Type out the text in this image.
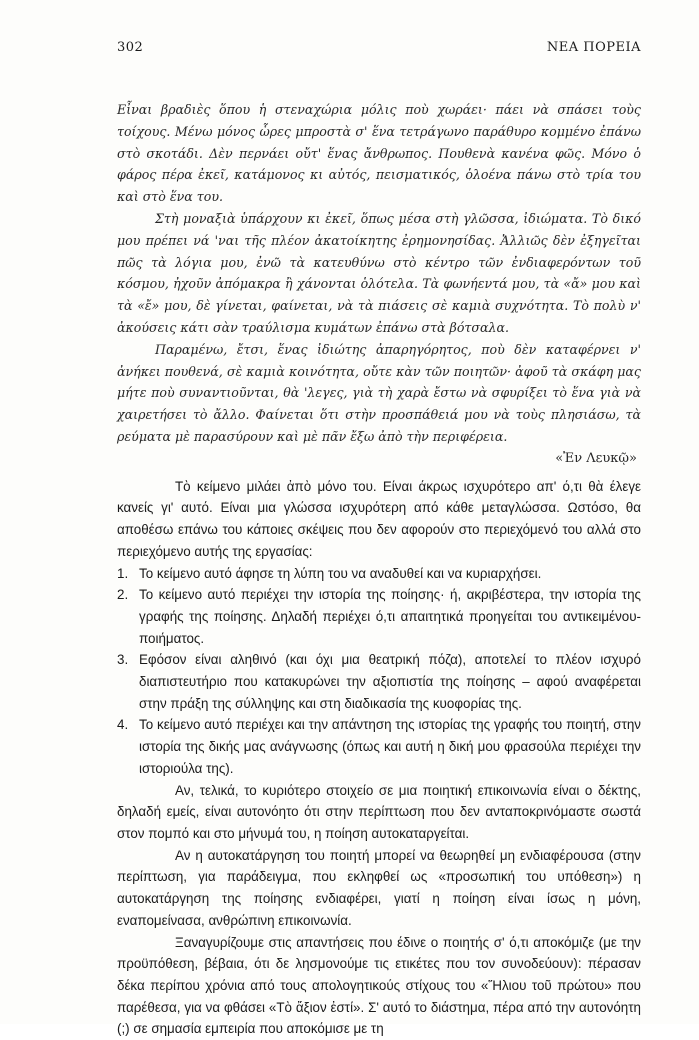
302	ΝΕΑ ΠΟΡΕΙΑ

Εἶναι βραδιὲς ὅπου ἡ στεναχώρια μόλις ποὺ χωράει· πάει νὰ σπάσει τοὺς τοίχους. Μένω μόνος ὧρες μπροστὰ σ' ἕνα τετράγωνο παράθυρο κομμένο ἐπάνω στὸ σκοτάδι. Δὲν περνάει οὔτ' ἕνας ἄνθρωπος. Πουθενὰ κανένα φῶς. Μόνο ὁ φάρος πέρα ἐκεῖ, κατάμονος κι αὐτός, πεισματικός, ὁλοένα πάνω στὸ τρία του καὶ στὸ ἕνα του.

Στὴ μοναξιὰ ὑπάρχουν κι ἐκεῖ, ὅπως μέσα στὴ γλῶσσα, ἰδιώματα. Τὸ δικό μου πρέπει νά 'ναι τῆς πλέον ἀκατοίκητης ἐρημονησίδας. Ἀλλιῶς δὲν ἐξηγεῖται πῶς τὰ λόγια μου, ἐνῶ τὰ κατευθύνω στὸ κέντρο τῶν ἐνδιαφερόντων τοῦ κόσμου, ἠχοῦν ἀπόμακρα ἢ χάνονται ὁλότελα. Τὰ φωνήεντά μου, τὰ «ἄ» μου καὶ τὰ «ἔ» μου, δὲ γίνεται, φαίνεται, νὰ τὰ πιάσεις σὲ καμιὰ συχνότητα. Τὸ πολὺ ν' ἀκούσεις κάτι σὰν τραύλισμα κυμάτων ἐπάνω στὰ βότσαλα.

Παραμένω, ἔτσι, ἕνας ἰδιώτης ἀπαρηγόρητος, ποὺ δὲν καταφέρνει ν' ἀνήκει πουθενά, σὲ καμιὰ κοινότητα, οὔτε κὰν τῶν ποιητῶν· ἀφοῦ τὰ σκάφη μας μήτε ποὺ συναντιοῦνται, θὰ 'λεγες, γιὰ τὴ χαρὰ ἔστω νὰ σφυρίξει τὸ ἕνα γιὰ νὰ χαιρετήσει τὸ ἄλλο. Φαίνεται ὅτι στὴν προσπάθειά μου νὰ τοὺς πλησιάσω, τὰ ρεύματα μὲ παρασύρουν καὶ μὲ πᾶν ἔξω ἀπὸ τὴν περιφέρεια.

«Ἐν Λευκῷ»

Τὸ κείμενο μιλάει ἀπὸ μόνο του. Είναι άκρως ισχυρότερο απ' ό,τι θὰ έλεγε κανείς γι' αυτό. Είναι μια γλώσσα ισχυρότερη από κάθε μεταγλώσσα. Ωστόσο, θα αποθέσω επάνω του κάποιες σκέψεις που δεν αφορούν στο περιεχόμενό του αλλά στο περιεχόμενο αυτής της εργασίας:

1. Το κείμενο αυτό άφησε τη λύπη του να αναδυθεί και να κυριαρχήσει.
2. Το κείμενο αυτό περιέχει την ιστορία της ποίησης· ή, ακριβέστερα, την ιστορία της γραφής της ποίησης. Δηλαδή περιέχει ό,τι απαιτητικά προηγείται του αντικειμένου-ποιήματος.
3. Εφόσον είναι αληθινό (και όχι μια θεατρική πόζα), αποτελεί το πλέον ισχυρό διαπιστευτήριο που κατακυρώνει την αξιοπιστία της ποίησης – αφού αναφέρεται στην πράξη της σύλληψης και στη διαδικασία της κυοφορίας της.
4. Το κείμενο αυτό περιέχει και την απάντηση της ιστορίας της γραφής του ποιητή, στην ιστορία της δικής μας ανάγνωσης (όπως και αυτή η δική μου φρασούλα περιέχει την ιστοριούλα της).

Αν, τελικά, το κυριότερο στοιχείο σε μια ποιητική επικοινωνία είναι ο δέκτης, δηλαδή εμείς, είναι αυτονόητο ότι στην περίπτωση που δεν ανταποκρινόμαστε σωστά στον πομπό και στο μήνυμά του, η ποίηση αυτοκαταργείται.

Αν η αυτοκατάργηση του ποιητή μπορεί να θεωρηθεί μη ενδιαφέρουσα (στην περίπτωση, για παράδειγμα, που εκληφθεί ως «προσωπική του υπόθεση») η αυτοκατάργηση της ποίησης ενδιαφέρει, γιατί η ποίηση είναι ίσως η μόνη, εναπομείνασα, ανθρώπινη επικοινωνία.

Ξαναγυρίζουμε στις απαντήσεις που έδινε ο ποιητής σ' ό,τι αποκόμιζε (με την προϋπόθεση, βέβαια, ότι δε λησμονούμε τις ετικέτες που τον συνοδεύουν): πέρασαν δέκα περίπου χρόνια από τους απολογητικούς στίχους του «Ἥλιου τοῦ πρώτου» που παρέθεσα, για να φθάσει «Τὸ ἄξιον ἐστί». Σ' αυτό το διάστημα, πέρα από την αυτονόητη (;) σε σημασία εμπειρία που αποκόμισε με τη
